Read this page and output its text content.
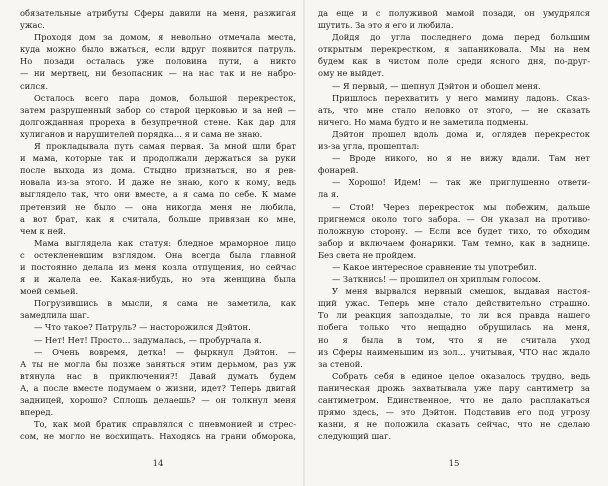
обязательные атрибуты Сферы давили на меня, разжигая
ужас.
Проходя дом за домом, я невольно отмечала места,
куда можно было вжаться, если вдруг появится патруль.
Но позади осталась уже половина пути, а никто
— ни мертвец, ни безопасник — на нас так и не набро-
сился.
Осталось всего пара домов, большой перекресток,
затем разрушенный забор со старой церковью и за ней —
долгожданная прореха в безупречной стене. Как дар для
хулиганов и нарушителей порядка… я и сама не знаю.
Я прокладывала путь самая первая. За мной шли брат
и мама, которые так и продолжали держаться за руки
после выхода из дома. Стыдно признаться, но я рев-
новала из-за этого. И даже не знаю, кого к кому, ведь
выглядело так, что они вместе, а я сама по себе. К маме
претензий не было — она никогда меня не любила,
а вот брат, как я считала, больше привязан ко мне,
чем к ней.
Мама выглядела как статуя: бледное мраморное лицо
с остекленевшим взглядом. Она всегда была главной
и постоянно делала из меня козла отпущения, но сейчас
я и жалела ее. Какая-нибудь, но эта женщина была
моей семьей.
Погрузившись в мысли, я сама не заметила, как
замедлила шаг.
— Что такое? Патруль? — насторожился Дэйтон.
— Нет! Нет! Просто… задумалась, — пробурчала я.
— Очень вовремя, детка! — фыркнул Дэйтон. —
А ты не могла бы позже заняться этим дерьмом, раз уж
втянула нас в приключения?! Давай думать будем
А, а после вместе подумаем о жизни, идет? Теперь двигай
задницей, хорошо? Сплошь делаешь? — он толкнул меня
вперед.
То, как мой братик справлялся с пневмонией и стрес-
сом, не могло не восхищать. Находясь на грани обморока,
14
да еще и с полуживой мамой позади, он умудрялся
шутить. За это я его и любила.
Дойдя до угла последнего дома перед большим
открытым перекрестком, я запаниковала. Мы на нем
будем как в чистом поле среди ясного дня, по-друг-
ому не выйдет.
— Я первый, — шепнул Дэйтон и обошел меня.
Пришлось перехватить у него мамину ладонь. Сказ-
ать, что мне стало неловко от этого, — не сказать
ничего. Но мама будто и не заметила подмены.
Дэйтон прошел вдоль дома и, оглядев перекресток
из-за угла, прошептал:
— Вроде никого, но я не вижу вдали. Там нет
фонарей.
— Хорошо! Идем! — так же приглушенно ответи-
ла я.
— Стой! Через перекресток мы побежим, дальше
пригнемся около того забора. — Он указал на противо-
положную сторону. — Если все будет тихо, то обходим
забор и включаем фонарики. Там темно, как в заднице.
Без света не пройдем.
— Какое интересное сравнение ты употребил.
— Заткнись! — прошипел он хриплым голосом.
У меня вырвался нервный смешок, выдавая настоя-
щий ужас. Теперь мне стало действительно страшно.
То ли реакция запоздалые, то ли вся правда нашего
побега только что нещадно обрушилась на меня,
но я была в том, что я не считала уход
из Сферы наименьшим из зол… учитывая, ЧТО нас ждало
за стеной.
Собрать себя в единое целое оказалось трудно, ведь
паническая дрожь захватывала уже пару сантиметр за
сантиметром. Единственное, что не дало расплакаться
прямо здесь, — это Дэйтон. Подставив его под угрозу
казни, я не положила сказать сейчас, что не сделаю
следующий шаг.
15
